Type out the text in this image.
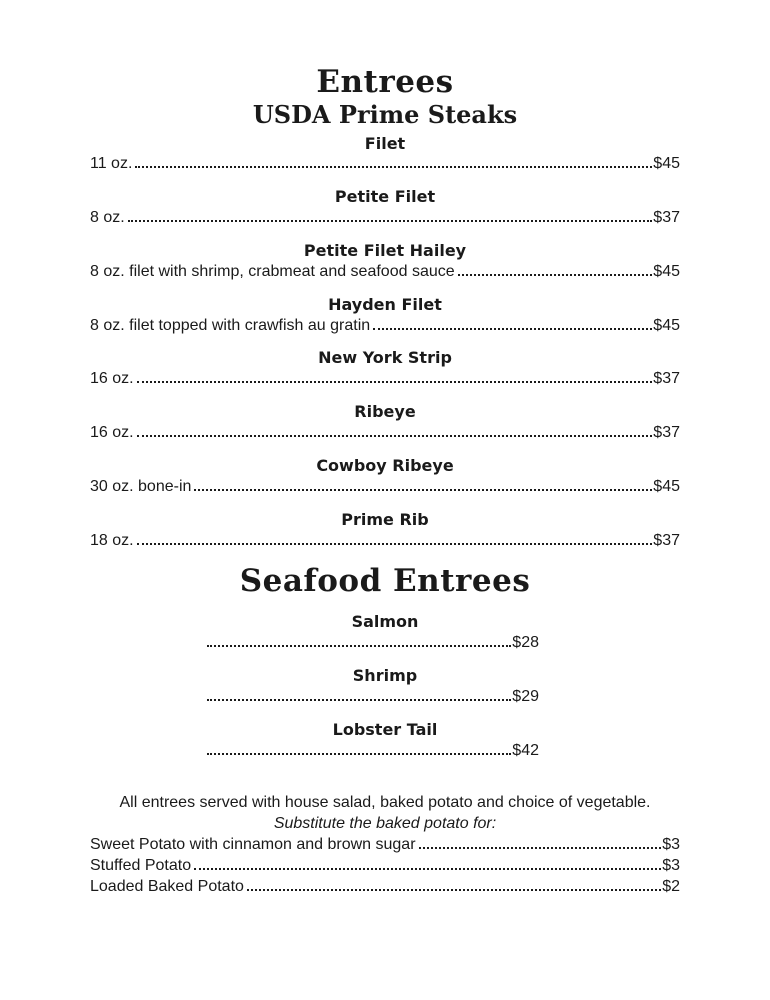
Entrees
USDA Prime Steaks
Filet
11 oz.	$45
Petite Filet
8 oz.	$37
Petite Filet Hailey
8 oz. filet with shrimp, crabmeat and seafood sauce	$45
Hayden Filet
8 oz. filet topped with crawfish au gratin	$45
New York Strip
16 oz.	$37
Ribeye
16 oz.	$37
Cowboy Ribeye
30 oz. bone-in	$45
Prime Rib
18 oz.	$37
Seafood Entrees
Salmon
$28
Shrimp
$29
Lobster Tail
$42

All entrees served with house salad, baked potato and choice of vegetable.

Substitute the baked potato for:

Sweet Potato with cinnamon and brown sugar	$3
Stuffed Potato	$3
Loaded Baked Potato	$2
